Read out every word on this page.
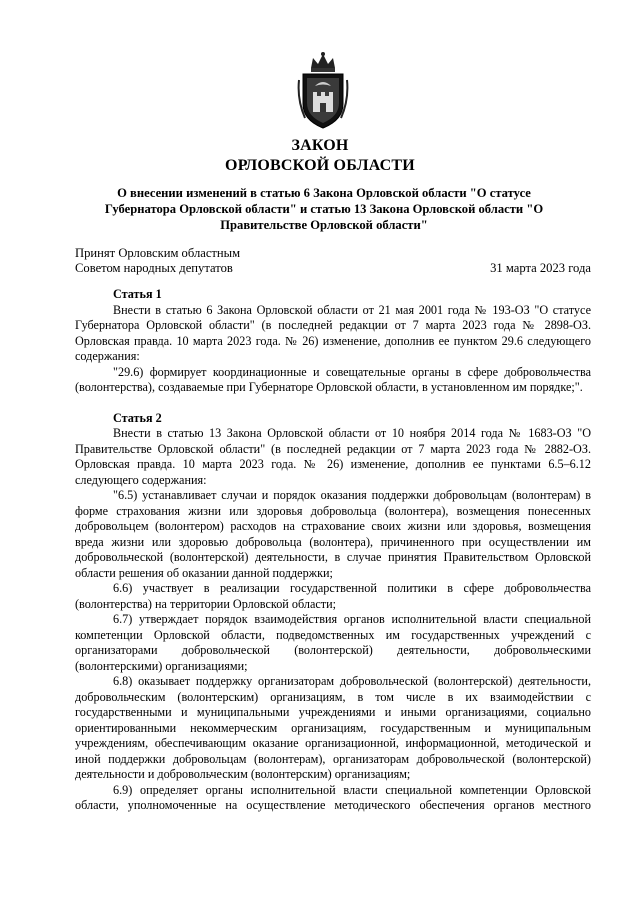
ЗАКОН

ОРЛОВСКОЙ ОБЛАСТИ

О внесении изменений в статью 6 Закона Орловской области "О статусе Губернатора Орловской области" и статью 13 Закона Орловской области "О Правительстве Орловской области"
Принят Орловским областным
Советом народных депутатов	31 марта 2023 года

Статья 1

Внести в статью 6 Закона Орловской области от 21 мая 2001 года № 193-ОЗ "О статусе Губернатора Орловской области" (в последней редакции от 7 марта 2023 года № 2898-ОЗ. Орловская правда. 10 марта 2023 года. № 26) изменение, дополнив ее пунктом 29.6 следующего содержания:

"29.6) формирует координационные и совещательные органы в сфере добровольчества (волонтерства), создаваемые при Губернаторе Орловской области, в установленном им порядке;".

Статья 2

Внести в статью 13 Закона Орловской области от 10 ноября 2014 года № 1683-ОЗ "О Правительстве Орловской области" (в последней редакции от 7 марта 2023 года № 2882-ОЗ. Орловская правда. 10 марта 2023 года. № 26) изменение, дополнив ее пунктами 6.5–6.12 следующего содержания:

"6.5) устанавливает случаи и порядок оказания поддержки добровольцам (волонтерам) в форме страхования жизни или здоровья добровольца (волонтера), возмещения понесенных добровольцем (волонтером) расходов на страхование своих жизни или здоровья, возмещения вреда жизни или здоровью добровольца (волонтера), причиненного при осуществлении им добровольческой (волонтерской) деятельности, в случае принятия Правительством Орловской области решения об оказании данной поддержки;

6.6) участвует в реализации государственной политики в сфере добровольчества (волонтерства) на территории Орловской области;

6.7) утверждает порядок взаимодействия органов исполнительной власти специальной компетенции Орловской области, подведомственных им государственных учреждений с организаторами добровольческой (волонтерской) деятельности, добровольческими (волонтерскими) организациями;

6.8) оказывает поддержку организаторам добровольческой (волонтерской) деятельности, добровольческим (волонтерским) организациям, в том числе в их взаимодействии с государственными и муниципальными учреждениями и иными организациями, социально ориентированными некоммерческим организациям, государственным и муниципальным учреждениям, обеспечивающим оказание организационной, информационной, методической и иной поддержки добровольцам (волонтерам), организаторам добровольческой (волонтерской) деятельности и добровольческим (волонтерским) организациям;

6.9) определяет органы исполнительной власти специальной компетенции Орловской области, уполномоченные на осуществление методического обеспечения органов местного
